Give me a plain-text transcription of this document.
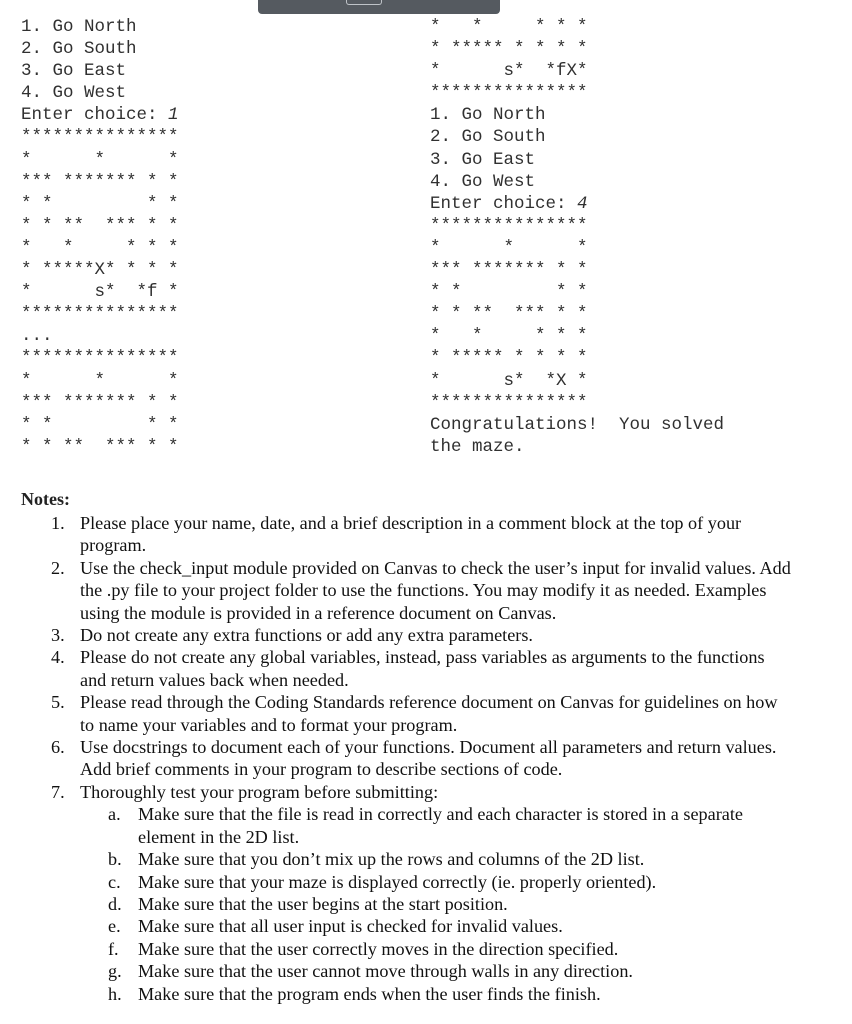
1. Go North
2. Go South
3. Go East
4. Go West
Enter choice: 1
***************
*      *      *
*** ******* * *
* *         * *
* * **  *** * *
*   *     * * *
* *****X* * * *
*      s*  *f *
***************
...
***************
*      *      *
*** ******* * *
* *         * *
* * **  *** * *
*   *     * * *
* ***** * * * *
*      s*  *fX*
***************
1. Go North
2. Go South
3. Go East
4. Go West
Enter choice: 4
***************
*      *      *
*** ******* * *
* *         * *
* * **  *** * *
*   *     * * *
* ***** * * * *
*      s*  *X *
***************
Congratulations!  You solved
the maze.
Notes:
1. Please place your name, date, and a brief description in a comment block at the top of your program.
2. Use the check_input module provided on Canvas to check the user’s input for invalid values. Add the .py file to your project folder to use the functions. You may modify it as needed. Examples using the module is provided in a reference document on Canvas.
3. Do not create any extra functions or add any extra parameters.
4. Please do not create any global variables, instead, pass variables as arguments to the functions and return values back when needed.
5. Please read through the Coding Standards reference document on Canvas for guidelines on how to name your variables and to format your program.
6. Use docstrings to document each of your functions. Document all parameters and return values. Add brief comments in your program to describe sections of code.
7. Thoroughly test your program before submitting:
a. Make sure that the file is read in correctly and each character is stored in a separate element in the 2D list.
b. Make sure that you don’t mix up the rows and columns of the 2D list.
c. Make sure that your maze is displayed correctly (ie. properly oriented).
d. Make sure that the user begins at the start position.
e. Make sure that all user input is checked for invalid values.
f. Make sure that the user correctly moves in the direction specified.
g. Make sure that the user cannot move through walls in any direction.
h. Make sure that the program ends when the user finds the finish.
